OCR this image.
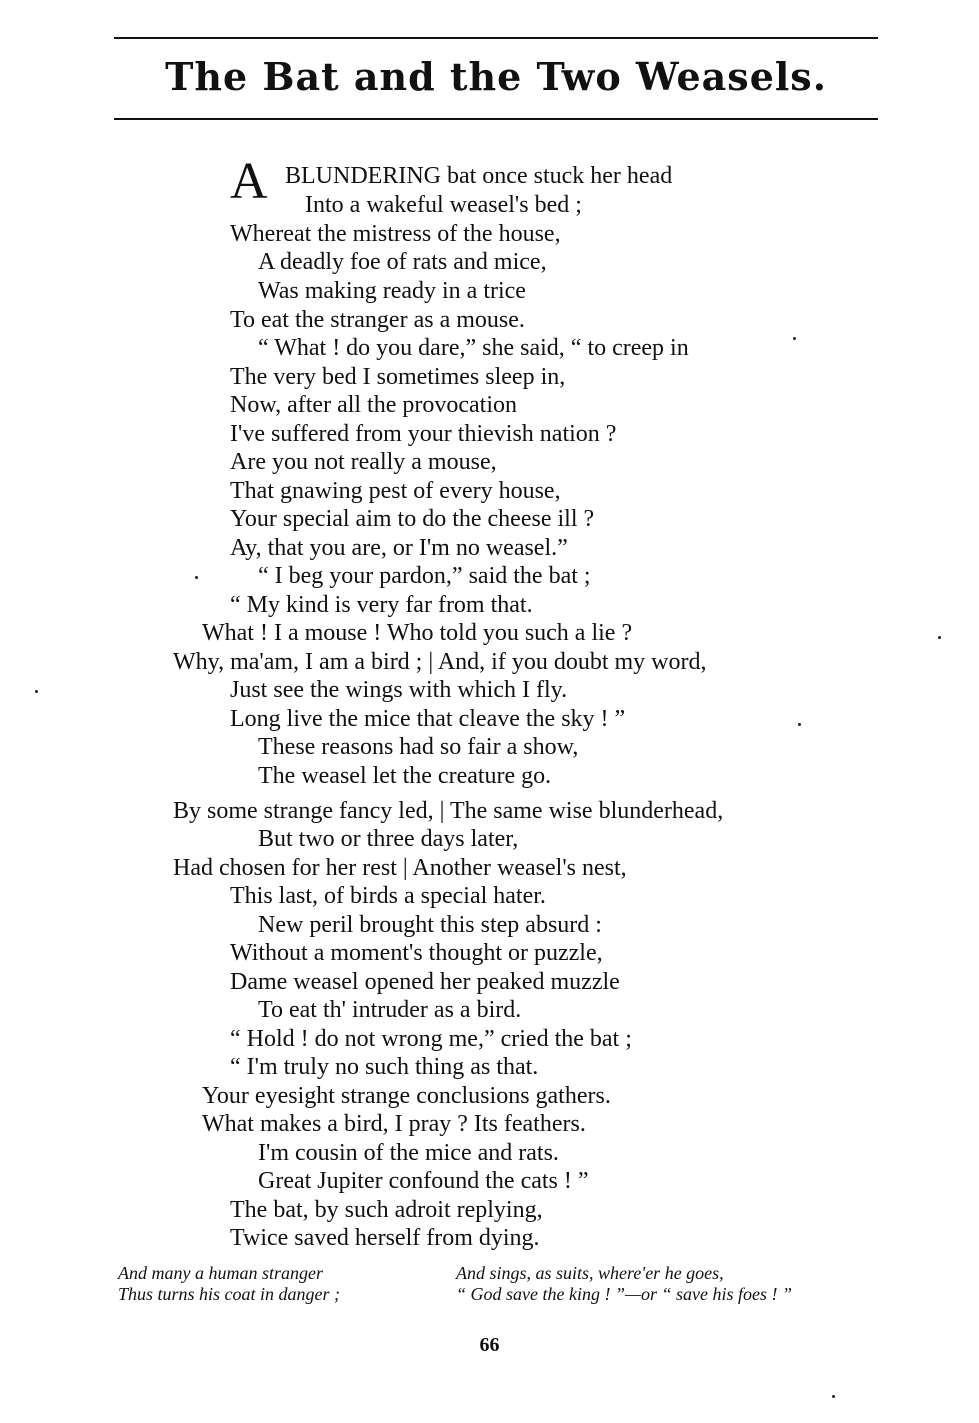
The Bat and the Two Weasels.
A BLUNDERING bat once stuck her head
Into a wakeful weasel's bed ;
Whereat the mistress of the house,
A deadly foe of rats and mice,
Was making ready in a trice
To eat the stranger as a mouse.
“ What ! do you dare,” she said, “ to creep in
The very bed I sometimes sleep in,
Now, after all the provocation
I've suffered from your thievish nation ?
Are you not really a mouse,
That gnawing pest of every house,
Your special aim to do the cheese ill ?
Ay, that you are, or I'm no weasel.”
“ I beg your pardon,” said the bat ;
“ My kind is very far from that.
What ! I a mouse ! Who told you such a lie ?
Why, ma'am, I am a bird ; | And, if you doubt my word,
Just see the wings with which I fly.
Long live the mice that cleave the sky ! ”
These reasons had so fair a show,
The weasel let the creature go.
By some strange fancy led, | The same wise blunderhead,
But two or three days later,
Had chosen for her rest | Another weasel's nest,
This last, of birds a special hater.
New peril brought this step absurd :
Without a moment's thought or puzzle,
Dame weasel opened her peaked muzzle
To eat th' intruder as a bird.
“ Hold ! do not wrong me,” cried the bat ;
“ I'm truly no such thing as that.
Your eyesight strange conclusions gathers.
What makes a bird, I pray ? Its feathers.
I'm cousin of the mice and rats.
Great Jupiter confound the cats ! ”
The bat, by such adroit replying,
Twice saved herself from dying.
And many a human stranger
Thus turns his coat in danger ;
And sings, as suits, where'er he goes,
“ God save the king ! ”—or “ save his foes ! ”
66
